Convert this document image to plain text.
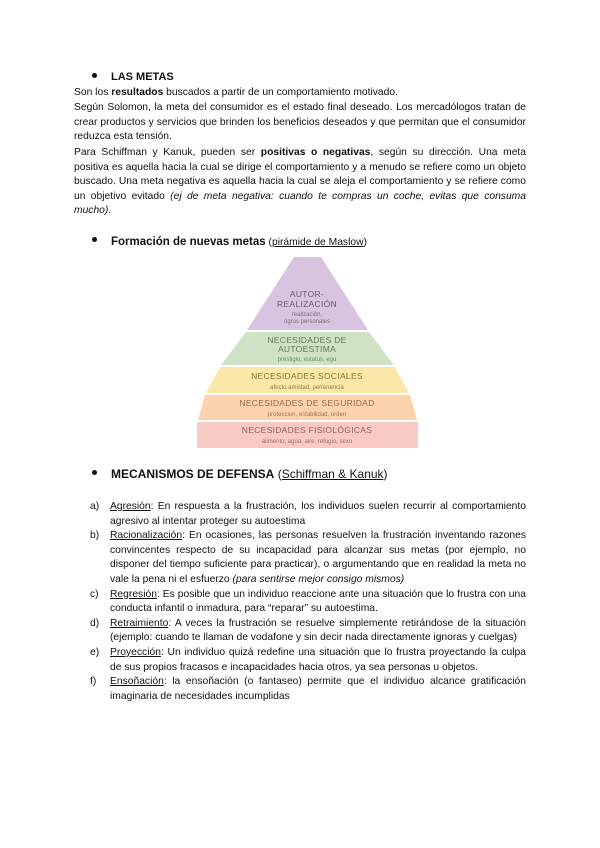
LAS METAS
Son los resultados buscados a partir de un comportamiento motivado.
Según Solomon, la meta del consumidor es el estado final deseado. Los mercadólogos tratan de crear productos y servicios que brinden los beneficios deseados y que permitan que el consumidor reduzca esta tensión.
Para Schiffman y Kanuk, pueden ser positivas o negativas, según su dirección. Una meta positiva es aquella hacia la cual se dirige el comportamiento y a menudo se refiere como un objeto buscado. Una meta negativa es aquella hacia la cual se aleja el comportamiento y se refiere como un objetivo evitado (ej de meta negativa: cuando te compras un coche, evitas que consuma mucho).
Formación de nuevas metas (pirámide de Maslow)
AUTOR-
REALIZACIÓN
realización,
ogros personales
NECESIDADES DE
AUTOESTIMA
prestigio, estatus, ego
NECESIDADES SOCIALES
afecto amistad, pertenencia
NECESIDADES DE SEGURIDAD
proteccion, estabilidad, orden
NECESIDADES FISIOLÓGICAS
alimento, agua, aire, refugio, sexo
MECANISMOS DE DEFENSA (Schiffman & Kanuk)
a) Agresión: En respuesta a la frustración, los individuos suelen recurrir al comportamiento agresivo al intentar proteger su autoestima
b) Racionalización: En ocasiones, las personas resuelven la frustración inventando razones convincentes respecto de su incapacidad para alcanzar sus metas (por ejemplo, no disponer del tiempo suficiente para practicar), o argumentando que en realidad la meta no vale la pena ni el esfuerzo (para sentirse mejor consigo mismos)
c) Regresión: Es posible que un individuo reaccione ante una situación que lo frustra con una conducta infantil o inmadura, para “reparar” su autoestima.
d) Retraimiento: A veces la frustración se resuelve simplemente retirándose de la situación (ejemplo: cuando te llaman de vodafone y sin decir nada directamente ignoras y cuelgas)
e) Proyección: Un individuo quizá redefine una situación que lo frustra proyectando la culpa de sus propios fracasos e incapacidades hacia otros, ya sea personas u objetos.
f) Ensoñación: la ensoñación (o fantaseo) permite que el individuo alcance gratificación imaginaria de necesidades incumplidas
